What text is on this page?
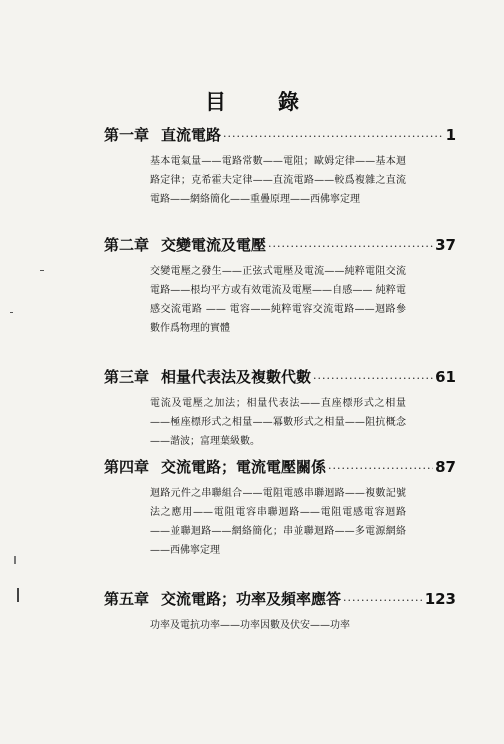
目 錄
第一章 直流電路 ·····	1
基本電氣量——電路常數——電阻；歐姆定律——基本迴路定律；克希霍夫定律——直流電路——較爲複雜之直流電路——網絡簡化——重疊原理——西佛寧定理
第二章 交變電流及電壓 ·····	37
交變電壓之發生——正弦式電壓及電流——純粹電阻交流電路——根均平方或有效電流及電壓——自感—— 純粹電感交流電路 —— 電容——純粹電容交流電路——迴路參數作爲物理的實體
第三章 相量代表法及複數代數 ·····	61
電流及電壓之加法；相量代表法——直座標形式之相量——極座標形式之相量——冪數形式之相量——阻抗概念——諧波；富理葉級數。
第四章 交流電路；電流電壓關係 ·····	87
迴路元件之串聯組合——電阻電感串聯迴路——複數記號法之應用——電阻電容串聯迴路——電阻電感電容迴路——並聯迴路——網絡簡化；串並聯迴路——多電源網絡——西佛寧定理
第五章 交流電路；功率及頻率應答 ·····	123
功率及電抗功率——功率因數及伏安——功率
